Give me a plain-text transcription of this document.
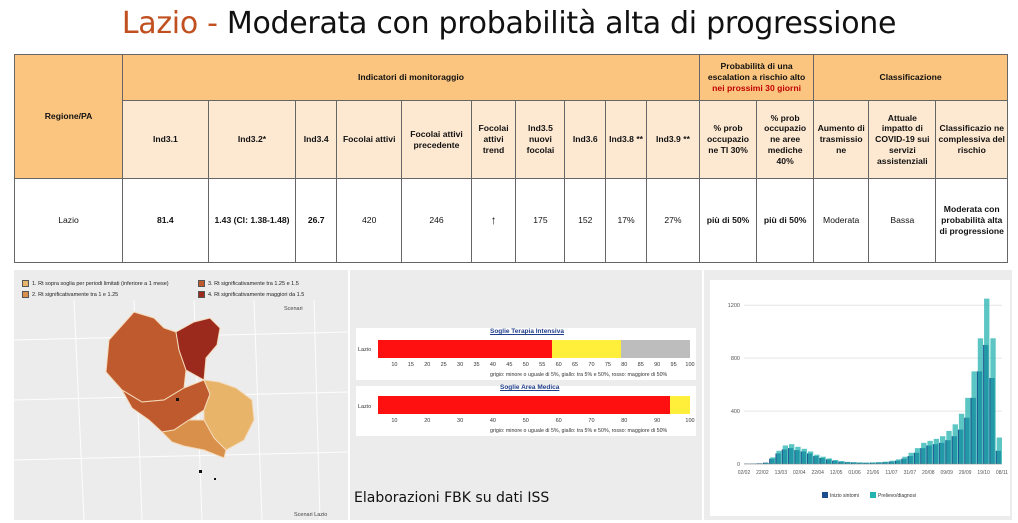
Lazio - Moderata con probabilità alta di progressione
Regione/PA	Indicatori di monitoraggio										Probabilità di una escalation a rischio alto
nei prossimi 30 giorni		Classificazione		
	Ind3.1	Ind3.2*	Ind3.4	Focolai attivi	Focolai attivi precedente	Focolai attivi trend	Ind3.5 nuovi focolai	Ind3.6	Ind3.8 **	Ind3.9 **	% prob occupazio ne TI 30%	% prob occupazio ne aree mediche 40%	Aumento di trasmissio ne	Attuale impatto di COVID-19 sui servizi assistenziali	Classificazio ne complessiva del rischio
Lazio	81.4	1.43 (CI: 1.38-1.48)	26.7	420	246	↑	175	152	17%	27%	più di 50%	più di 50%	Moderata	Bassa	Moderata con probabilità alta di progressione
1. Rt sopra soglia per periodi limitati (inferiore a 1 mese)
2. Rt significativamente tra 1 e 1.25
3. Rt significativamente tra 1.25 e 1.5
4. Rt significativamente maggiori da 1.5
Scenari
Scenari Lazio
Soglie Terapia Intensiva
Lazio
10 15 20 25 30 35 40 45 50 55 60 65 70 75 80 85 90 95 100
grigio: minore o uguale di 5%, giallo: tra 5% e 50%, rosso: maggiore di 50%
Soglie Area Medica
Lazio
10	20	30	40	50	60	70	80	90	100
grigio: minore o uguale di 5%, giallo: tra 5% e 50%, rosso: maggiore di 50%
Elaborazioni FBK su dati ISS
0
400
800
1200
02/02 22/02 13/03 02/04 22/04 12/05 01/06 21/06 11/07 31/07 20/08 09/09 29/09 19/10 08/11
Inizio sintomi	Prelievo/diagnosi
